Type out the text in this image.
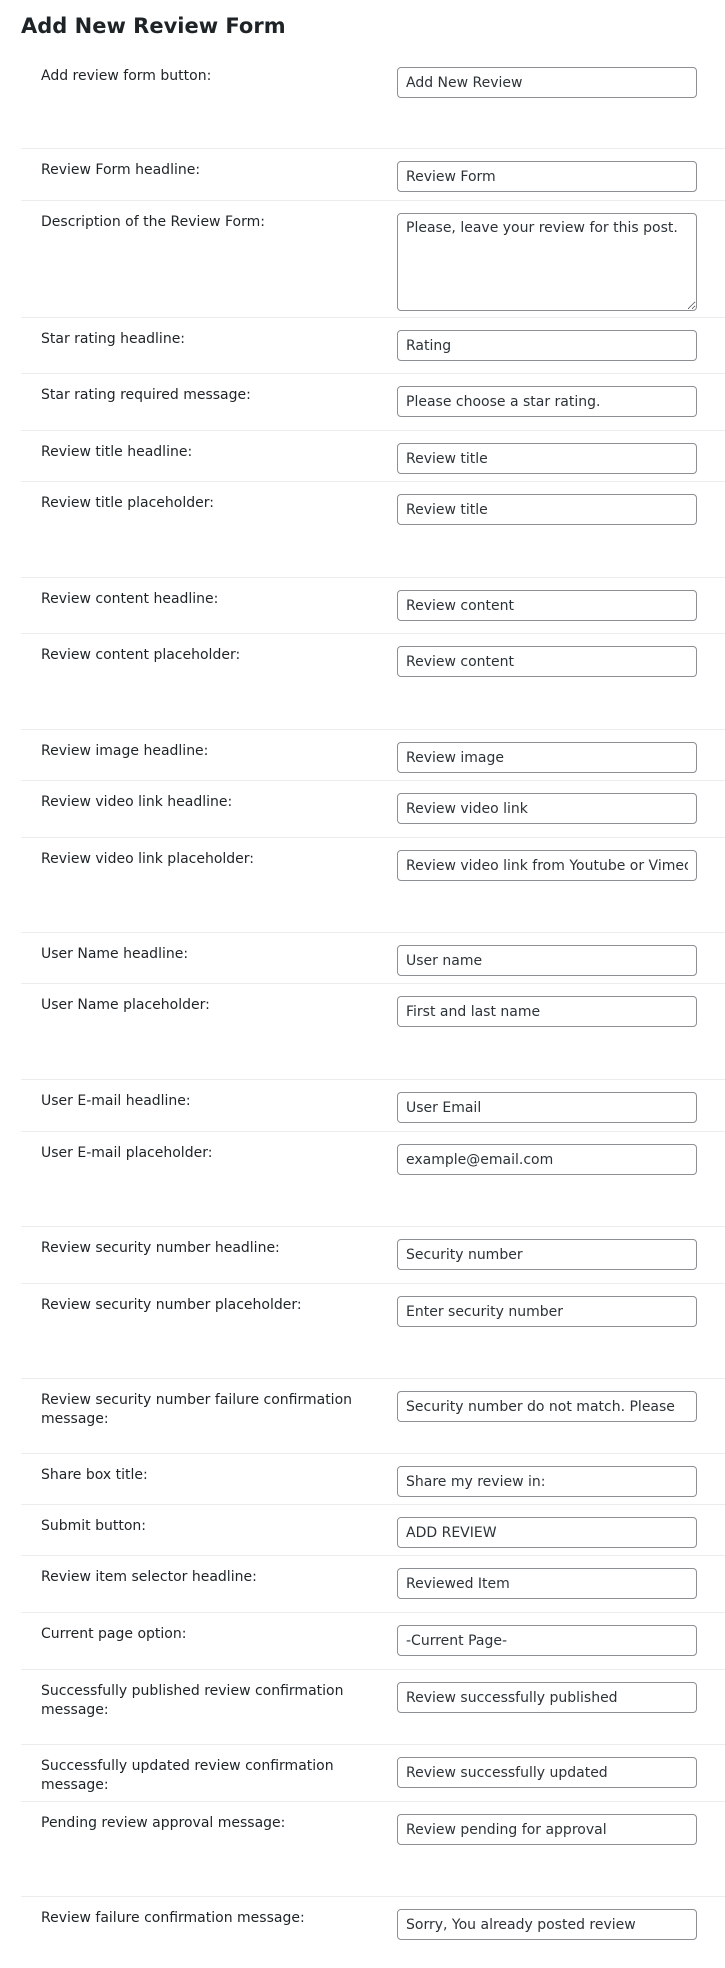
Add New Review Form
Add review form button:
Add New Review
Review Form headline:
Review Form
Description of the Review Form:
Please, leave your review for this post.
Star rating headline:
Rating
Star rating required message:
Please choose a star rating.
Review title headline:
Review title
Review title placeholder:
Review title
Review content headline:
Review content
Review content placeholder:
Review content
Review image headline:
Review image
Review video link headline:
Review video link
Review video link placeholder:
Review video link from Youtube or Vimeo
User Name headline:
User name
User Name placeholder:
First and last name
User E-mail headline:
User Email
User E-mail placeholder:
example@email.com
Review security number headline:
Security number
Review security number placeholder:
Enter security number
Review security number failure confirmation message:
Security number do not match. Please
Share box title:
Share my review in:
Submit button:
ADD REVIEW
Review item selector headline:
Reviewed Item
Current page option:
-Current Page-
Successfully published review confirmation message:
Review successfully published
Successfully updated review confirmation message:
Review successfully updated
Pending review approval message:
Review pending for approval
Review failure confirmation message:
Sorry, You already posted review
